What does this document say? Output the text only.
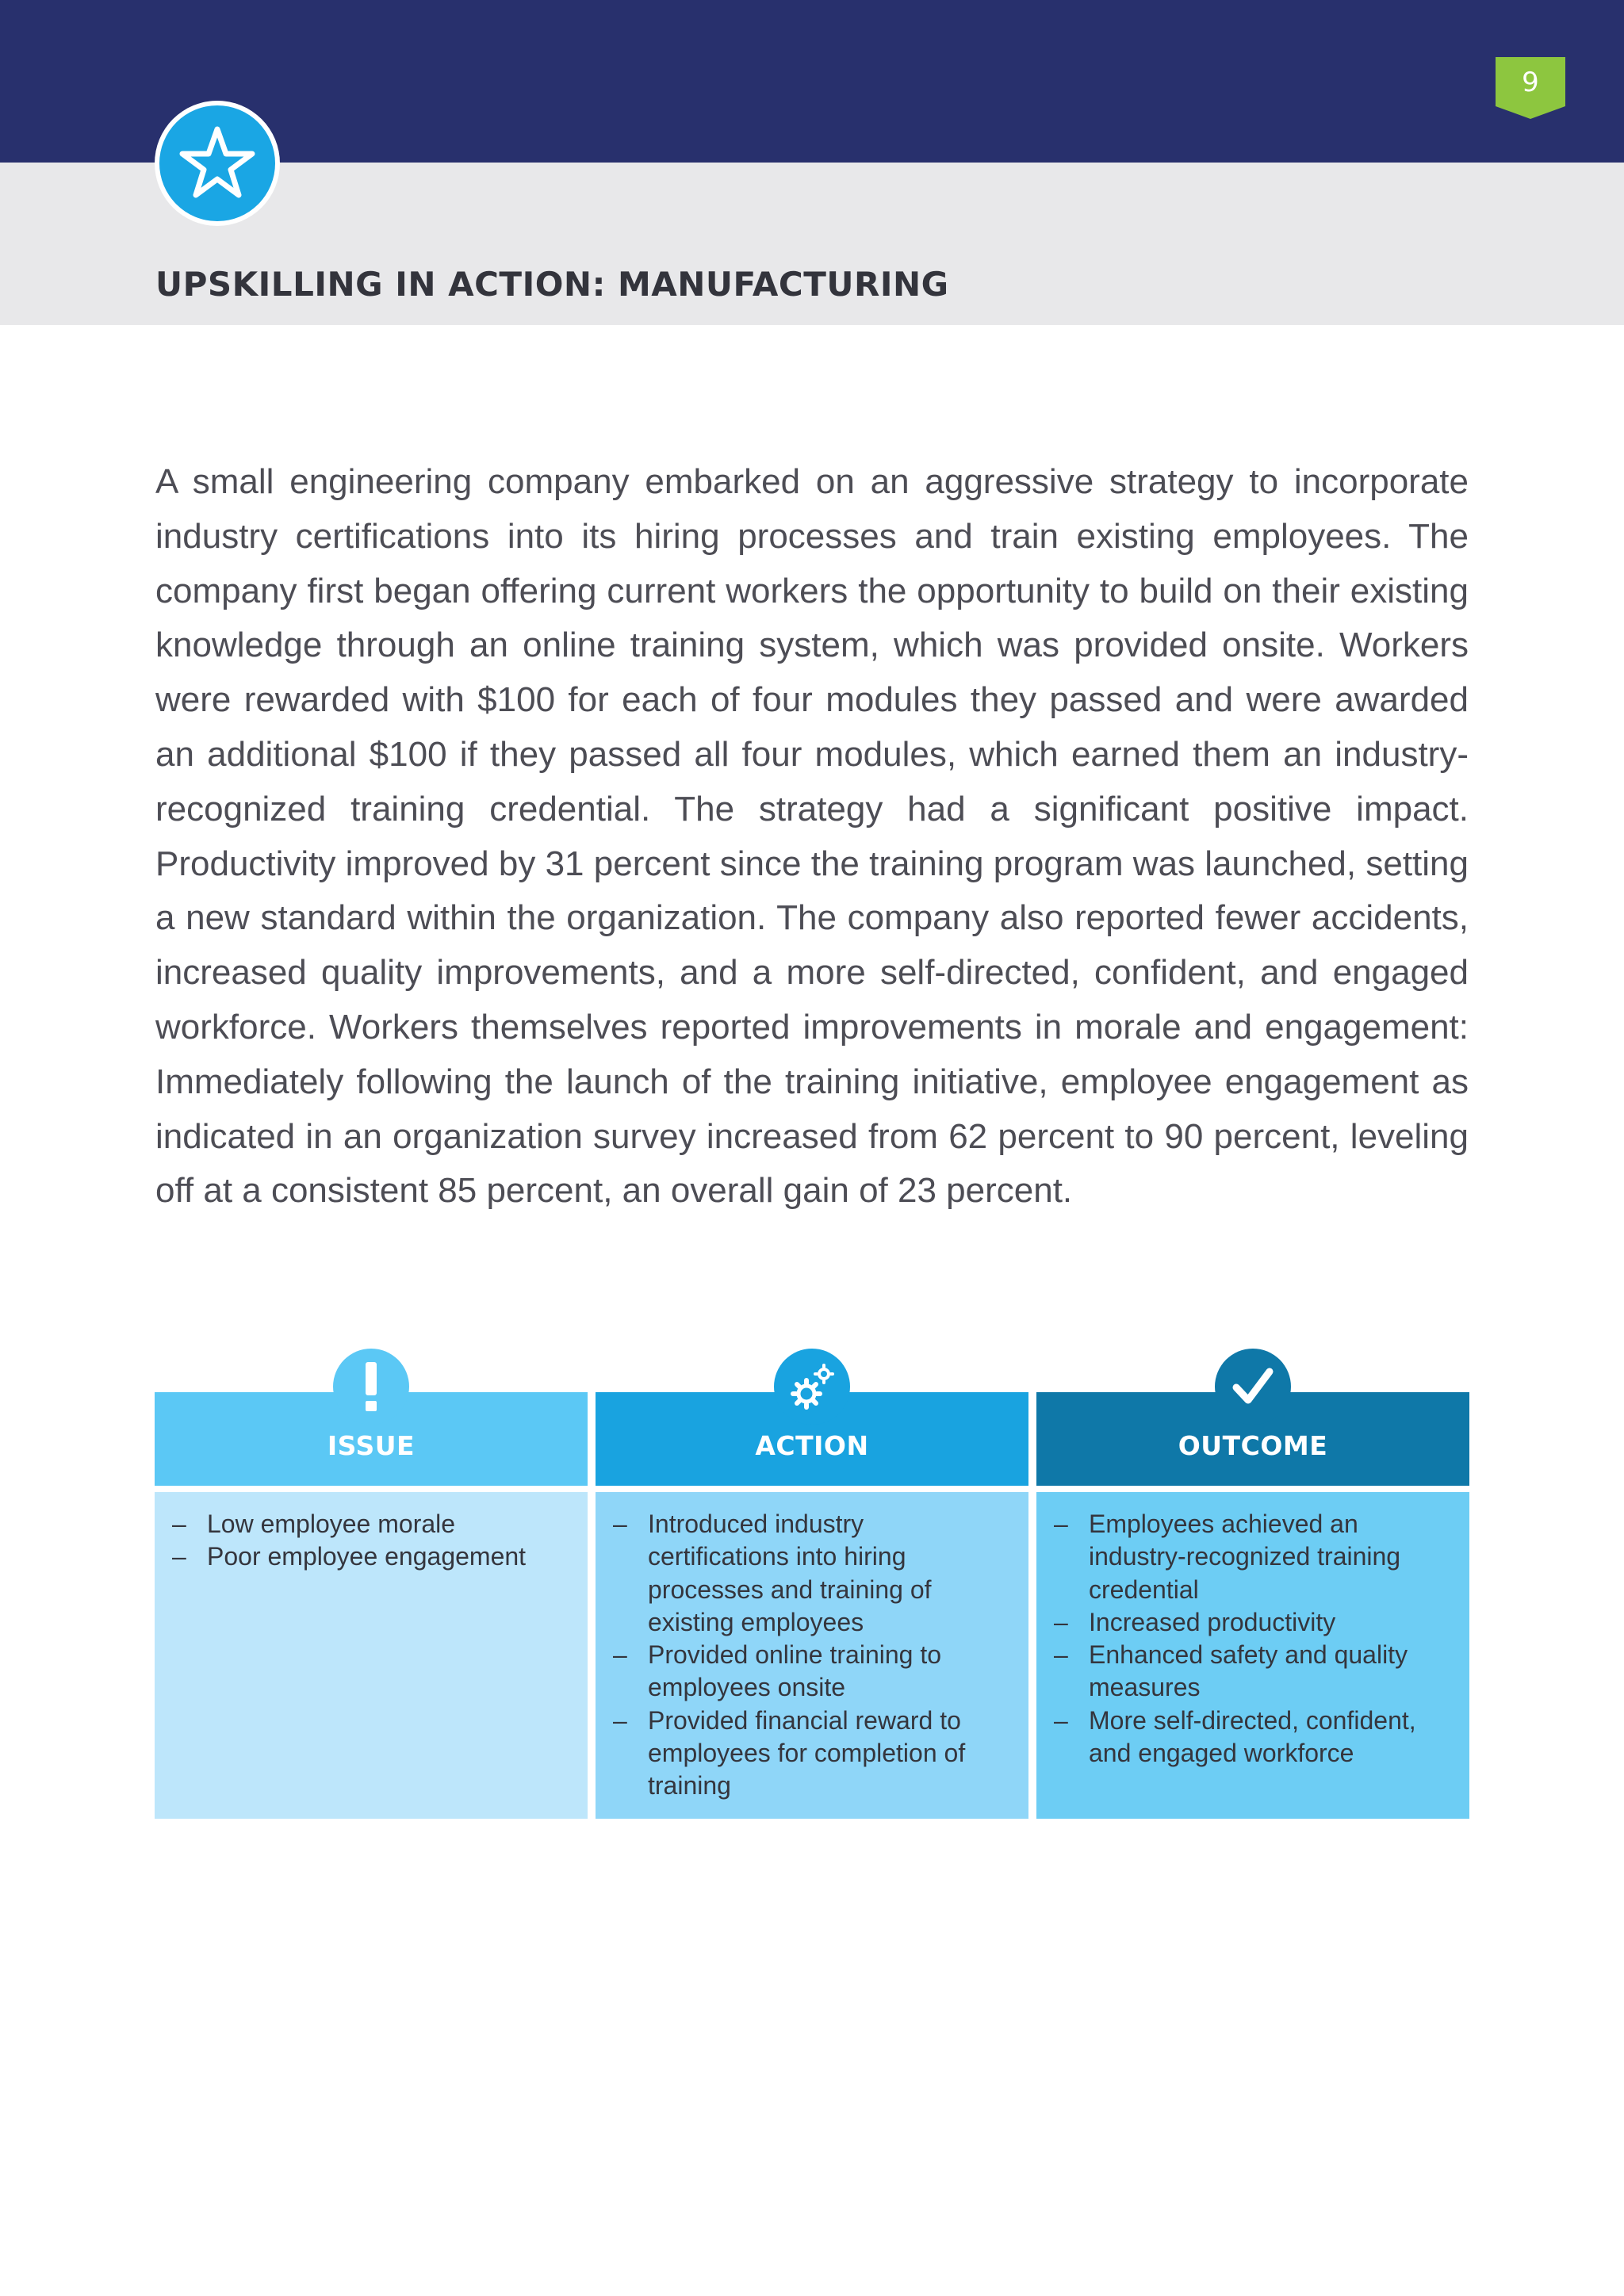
9
UPSKILLING IN ACTION: MANUFACTURING

A small engineering company embarked on an aggressive strategy to incorporate industry certifications into its hiring processes and train existing employees. The company first began offering current workers the opportunity to build on their existing knowledge through an online training system, which was provided onsite. Workers were rewarded with $100 for each of four modules they passed and were awarded an additional $100 if they passed all four modules, which earned them an industry-recognized training credential. The strategy had a significant positive impact. Productivity improved by 31 percent since the training program was launched, setting a new standard within the organization. The company also reported fewer accidents, increased quality improvements, and a more self-directed, confident, and engaged workforce. Workers themselves reported improvements in morale and engagement: Immediately following the launch of the training initiative, employee engagement as indicated in an organization survey increased from 62 percent to 90 percent, leveling off at a consistent 85 percent, an overall gain of 23 percent.

ISSUE
– Low employee morale
– Poor employee engagement
ACTION
– Introduced industry certifications into hiring processes and training of existing employees
– Provided online training to employees onsite
– Provided financial reward to employees for completion of training
OUTCOME
– Employees achieved an industry-recognized training credential
– Increased productivity
– Enhanced safety and quality measures
– More self-directed, confident, and engaged workforce
